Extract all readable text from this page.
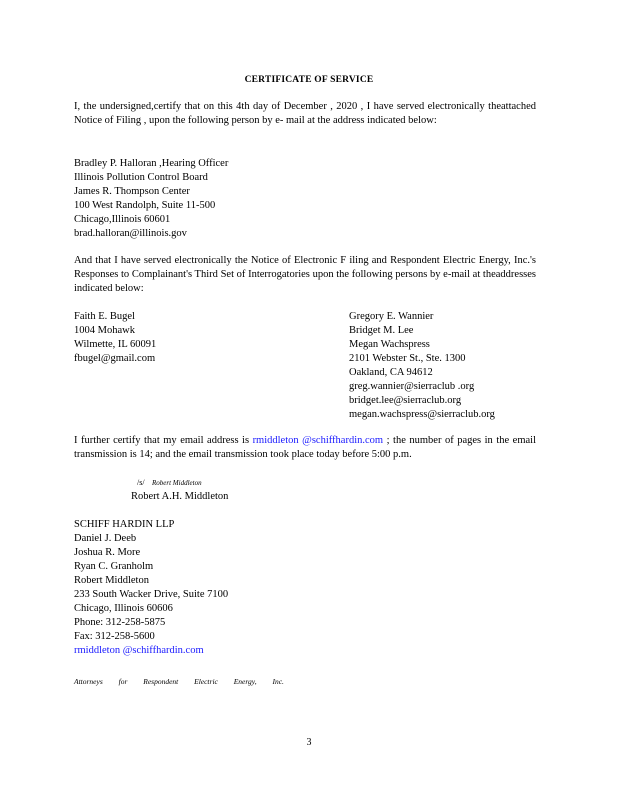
CERTIFICATE OF SERVICE
I, the undersigned,certify that on this 4th day of December , 2020 , I have served electronically theattached Notice of Filing , upon the following person by e- mail at the address indicated below:
Bradley P. Halloran ,Hearing Officer
Illinois Pollution Control Board
James R. Thompson Center
100 West Randolph, Suite 11-500
Chicago,Illinois 60601
brad.halloran@illinois.gov
And that I have served electronically the Notice of Electronic F iling and Respondent Electric Energy, Inc.'s Responses to Complainant's Third Set of Interrogatories upon the following persons by e-mail at theaddresses indicated below:
Faith E. Bugel
1004 Mohawk
Wilmette, IL 60091
fbugel@gmail.com
Gregory E. Wannier
Bridget M. Lee
Megan Wachspress
2101 Webster St., Ste. 1300
Oakland, CA 94612
greg.wannier@sierraclub .org
bridget.lee@sierraclub.org
megan.wachspress@sierraclub.org
I further certify that my email address is rmiddleton @schiffhardin.com ; the number of pages in the email transmission is 14; and the email transmission took place today before 5:00 p.m.
/s/ Robert Middleton
Robert A.H. Middleton
SCHIFF HARDIN LLP
Daniel J. Deeb
Joshua R. More
Ryan C. Granholm
Robert Middleton
233 South Wacker Drive, Suite 7100
Chicago, Illinois 60606
Phone: 312-258-5875
Fax: 312-258-5600
rmiddleton @schiffhardin.com
Attorneys for Respondent Electric Energy, Inc.
3
